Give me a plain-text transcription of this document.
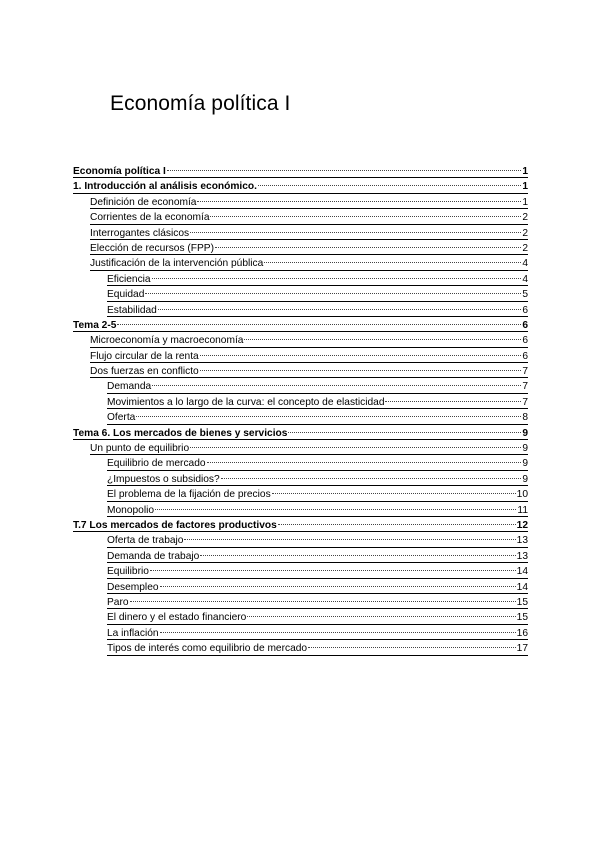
Economía política I
Economía política I	1
1. Introducción al análisis económico.	1
Definición de economía	1
Corrientes de la economía	2
Interrogantes clásicos	2
Elección de recursos (FPP)	2
Justificación de la intervención pública	4
Eficiencia	4
Equidad	5
Estabilidad	6
Tema 2-5	6
Microeconomía y macroeconomía	6
Flujo circular de la renta	6
Dos fuerzas en conflicto	7
Demanda	7
Movimientos a lo largo de la curva: el concepto de elasticidad	7
Oferta	8
Tema 6. Los mercados de bienes y servicios	9
Un punto de equilibrio	9
Equilibrio de mercado	9
¿Impuestos o subsidios?	9
El problema de la fijación de precios	10
Monopolio	11
T.7 Los mercados de factores productivos	12
Oferta de trabajo	13
Demanda de trabajo	13
Equilibrio	14
Desempleo	14
Paro	15
El dinero y el estado financiero	15
La inflación	16
Tipos de interés como equilibrio de mercado	17
